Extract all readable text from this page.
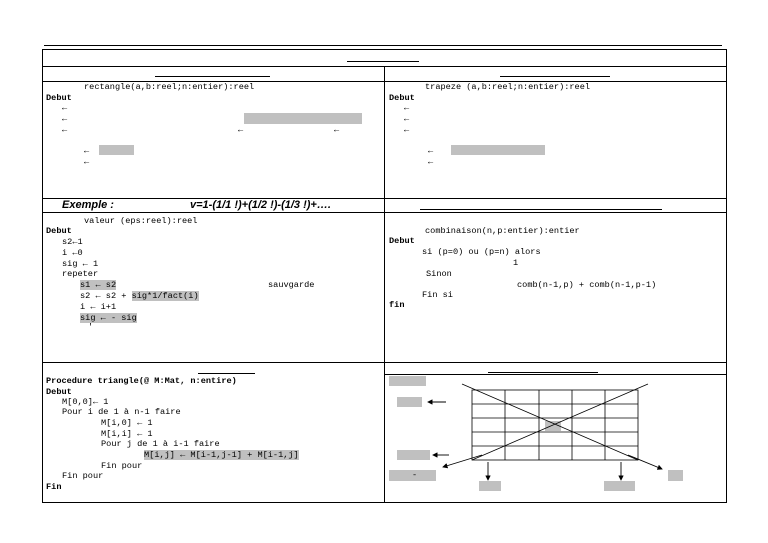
rectangle(a,b:reel;n:entier):reel
Debut
←
←
←	←	←
←
←
trapeze (a,b:reel;n:entier):reel
Debut
←
←
←
←
←
Exemple :	v=1-(1/1 !)+(1/2 !)-(1/3 !)+….
valeur (eps:reel):reel
Debut
s2←1
i ←0
sig ← 1
repeter
s1 ← s2	sauvgarde
s2 ← s2 + sig*1/fact(i)
i ← i+1
sig ← - sig
'
combinaison(n,p:entier):entier
Debut
si (p=0) ou (p=n) alors
1
Sinon
comb(n-1,p) + comb(n-1,p-1)
Fin si
fin
Procedure triangle(@ M:Mat, n:entire)
Debut
M[0,0]← 1
Pour i de 1 à n-1 faire
M[i,0] ← 1
M[i,i] ← 1
Pour j de 1 à i-1 faire
M[i,j] ← M[i-1,j-1] + M[i-1,j]
Fin pour
Fin pour
Fin
-
